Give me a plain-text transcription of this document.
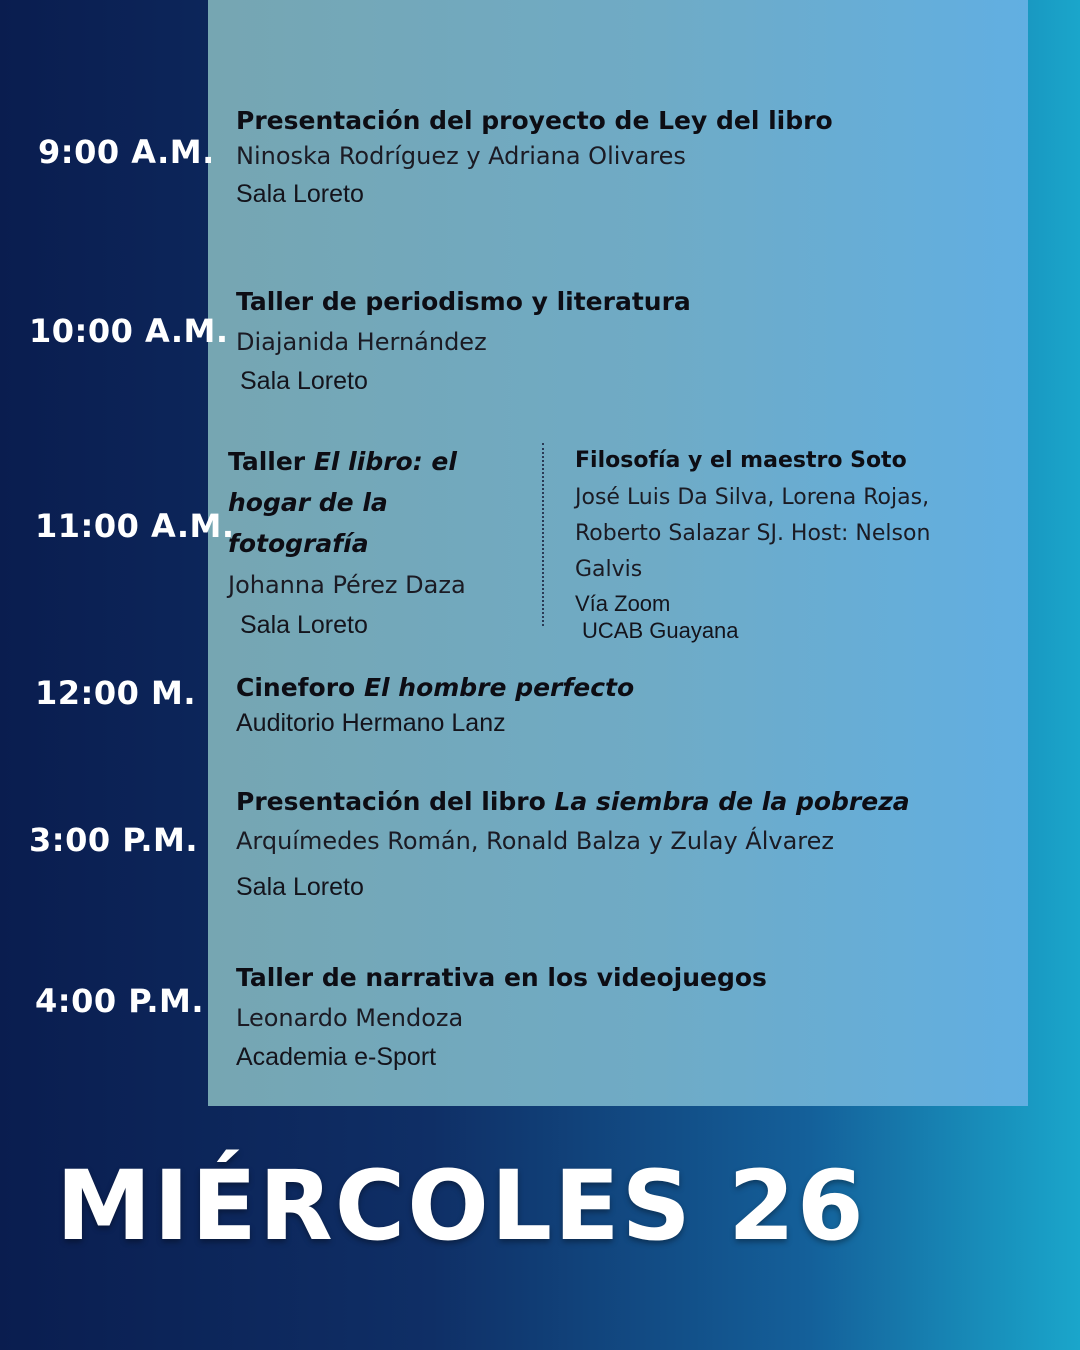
9:00 A.M.
Presentación del proyecto de Ley del libro
Ninoska Rodríguez y Adriana Olivares
Sala Loreto
10:00 A.M.
Taller de periodismo y literatura
Diajanida Hernández
Sala Loreto
11:00 A.M.
Taller El libro: el
hogar de la
fotografía
Johanna Pérez Daza
Sala Loreto
Filosofía y el maestro Soto
José Luis Da Silva, Lorena Rojas, Roberto Salazar SJ. Host: Nelson Galvis
Vía Zoom
UCAB Guayana
12:00 M. Cineforo El hombre perfecto
Auditorio Hermano Lanz
3:00 P.M.
Presentación del libro La siembra de la pobreza
Arquímedes Román, Ronald Balza y Zulay Álvarez
Sala Loreto
4:00 P.M.
Taller de narrativa en los videojuegos
Leonardo Mendoza
Academia e-Sport
MIÉRCOLES 26
